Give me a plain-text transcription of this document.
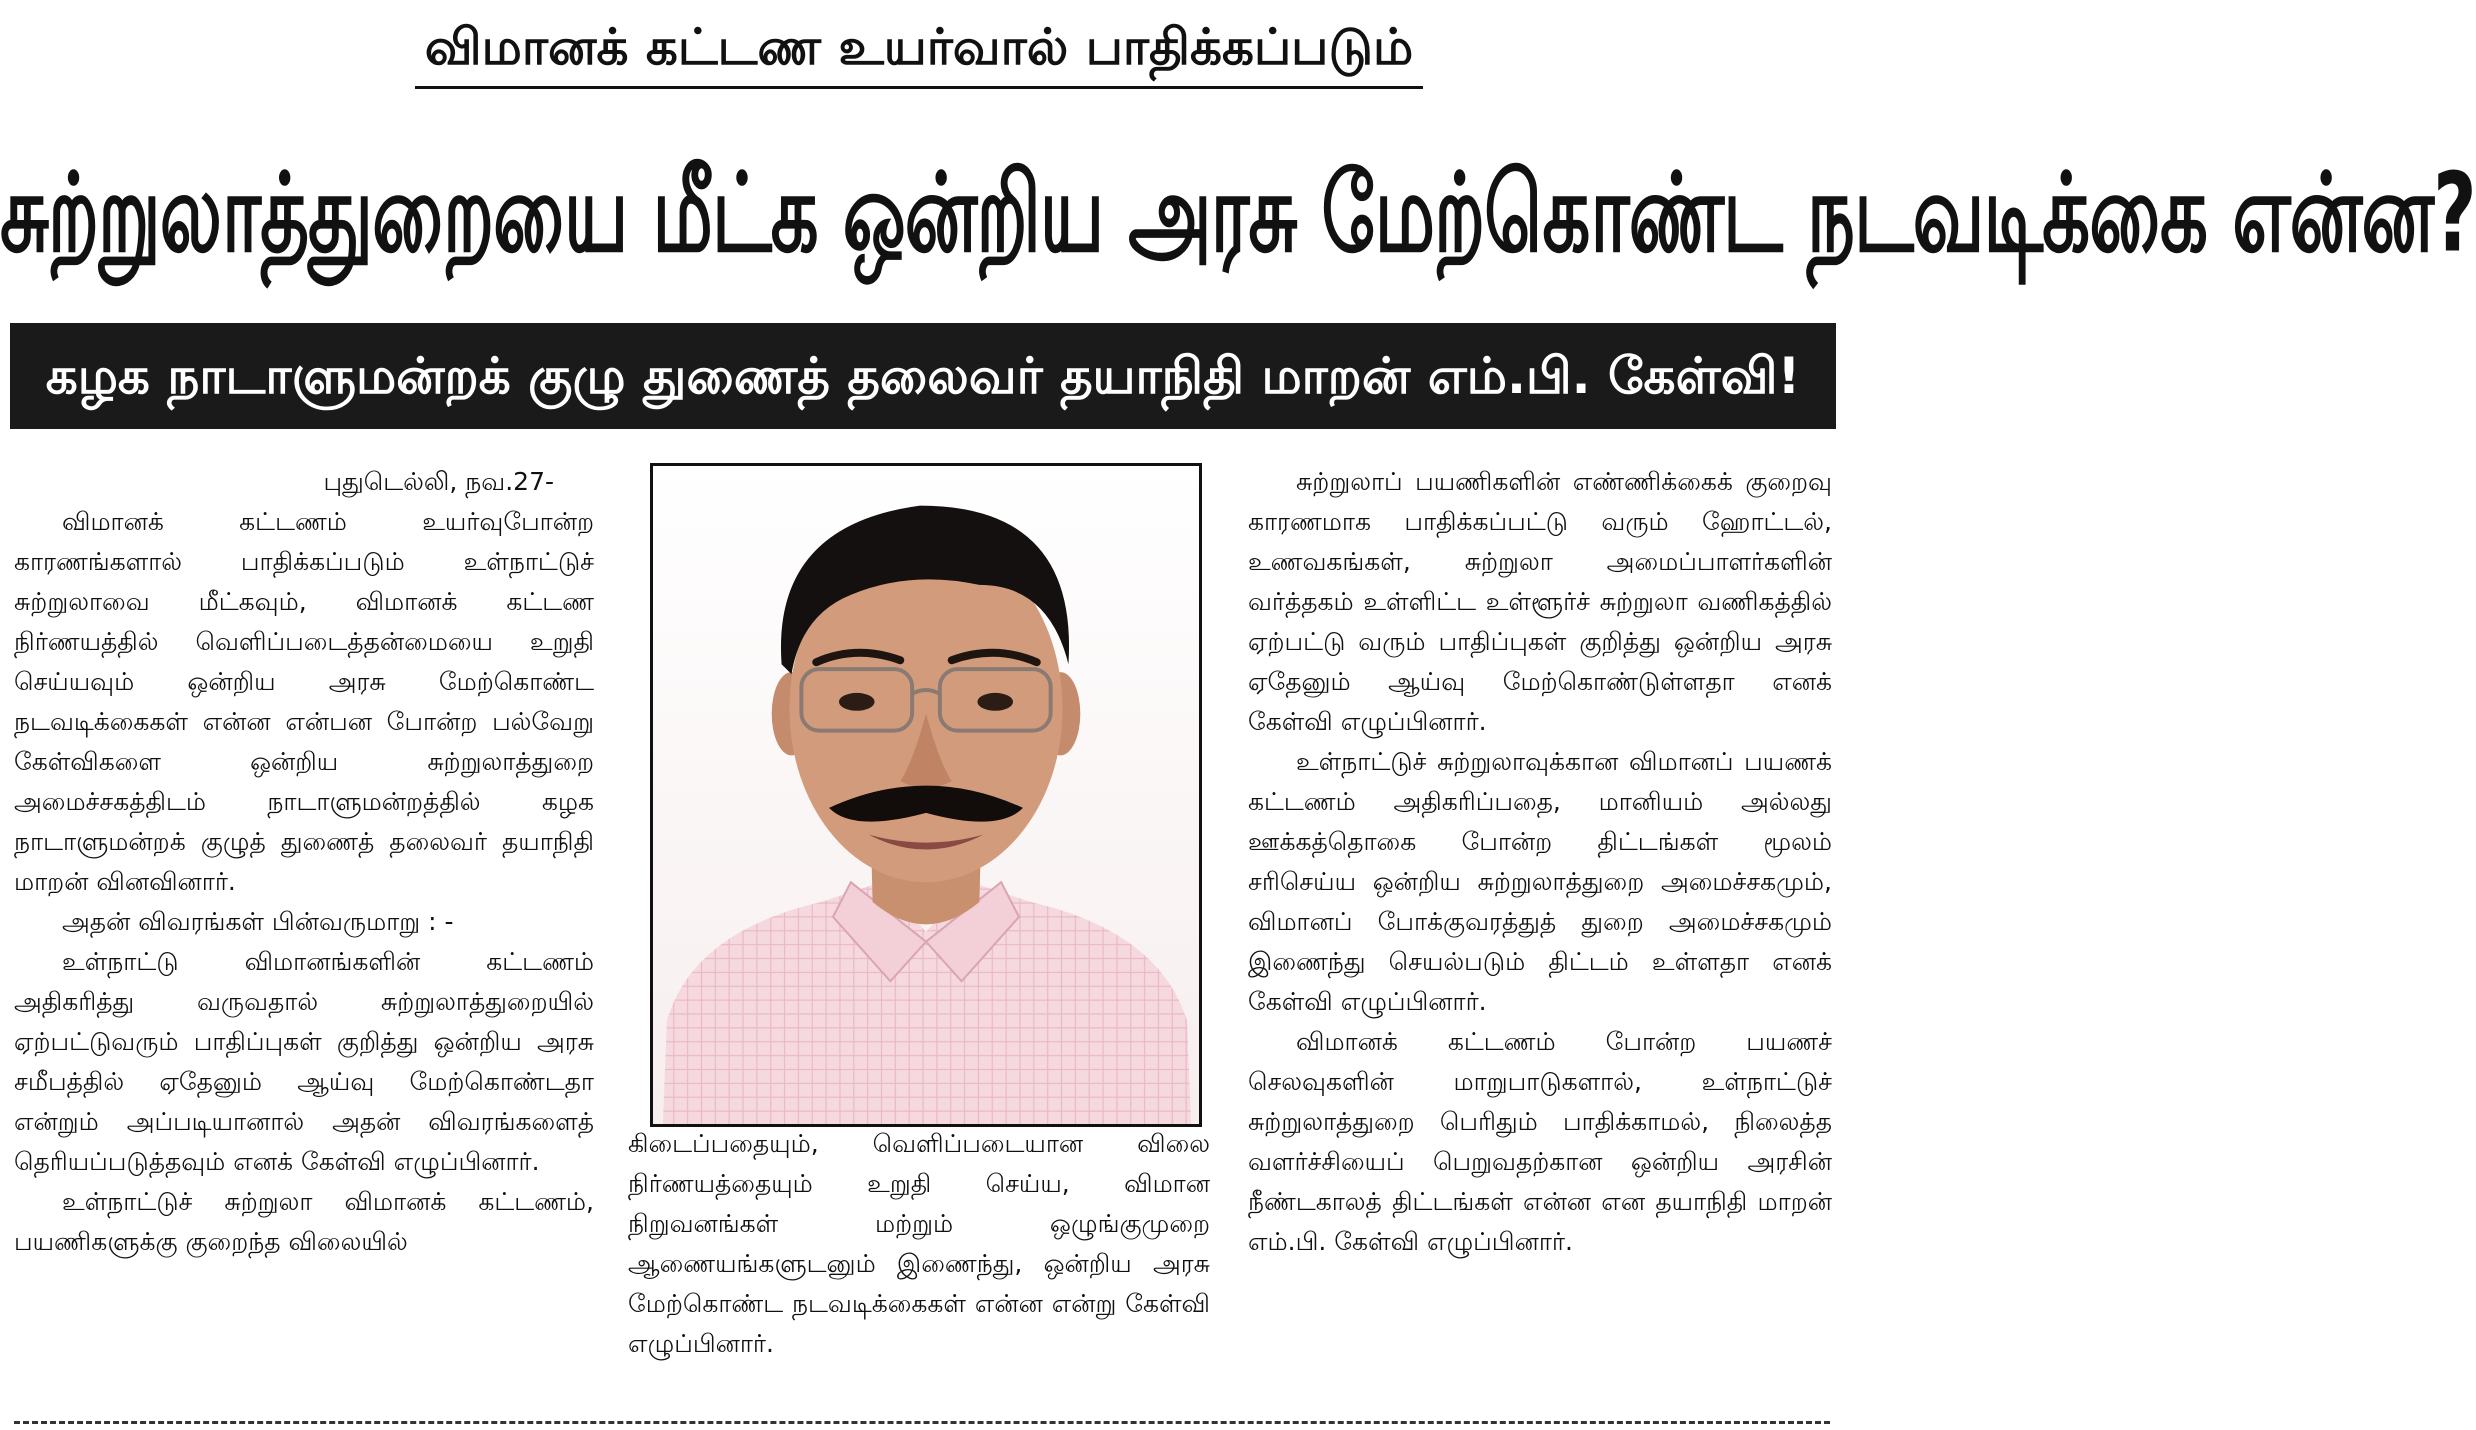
விமானக் கட்டண உயர்வால் பாதிக்கப்படும்
சுற்றுலாத்துறையை மீட்க ஒன்றிய அரசு மேற்கொண்ட நடவடிக்கை என்ன?
கழக நாடாளுமன்றக் குழு துணைத் தலைவர் தயாநிதி மாறன் எம்.பி. கேள்வி!

புதுடெல்லி, நவ.27-

விமானக் கட்டணம் உயர்வுபோன்ற காரணங்களால் பாதிக்கப்படும் உள்நாட்டுச் சுற்றுலாவை மீட்கவும், விமானக் கட்டண நிர்ணயத்தில் வெளிப்படைத்தன்மையை உறுதி செய்யவும் ஒன்றிய அரசு மேற்கொண்ட நடவடிக்கைகள் என்ன என்பன போன்ற பல்வேறு கேள்விகளை ஒன்றிய சுற்றுலாத்துறை அமைச்சகத்திடம் நாடாளுமன்றத்தில் கழக நாடாளுமன்றக் குழுத் துணைத் தலைவர் தயாநிதி மாறன் வினவினார்.

அதன் விவரங்கள் பின்வருமாறு : -

உள்நாட்டு விமானங்களின் கட்டணம் அதிகரித்து வருவதால் சுற்றுலாத்துறையில் ஏற்பட்டுவரும் பாதிப்புகள் குறித்து ஒன்றிய அரசு சமீபத்தில் ஏதேனும் ஆய்வு மேற்கொண்டதா என்றும் அப்படியானால் அதன் விவரங்களைத் தெரியப்படுத்தவும் எனக் கேள்வி எழுப்பினார்.

உள்நாட்டுச் சுற்றுலா விமானக் கட்டணம், பயணிகளுக்கு குறைந்த விலையில்

கிடைப்பதையும், வெளிப்படையான விலை நிர்ணயத்தையும் உறுதி செய்ய, விமான நிறுவனங்கள் மற்றும் ஒழுங்குமுறை ஆணையங்களுடனும் இணைந்து, ஒன்றிய அரசு மேற்கொண்ட நடவடிக்கைகள் என்ன என்று கேள்வி எழுப்பினார்.

சுற்றுலாப் பயணிகளின் எண்ணிக்கைக் குறைவு காரணமாக பாதிக்கப்பட்டு வரும் ஹோட்டல், உணவகங்கள், சுற்றுலா அமைப்பாளர்களின் வர்த்தகம் உள்ளிட்ட உள்ளூர்ச் சுற்றுலா வணிகத்தில் ஏற்பட்டு வரும் பாதிப்புகள் குறித்து ஒன்றிய அரசு ஏதேனும் ஆய்வு மேற்கொண்டுள்ளதா எனக் கேள்வி எழுப்பினார்.

உள்நாட்டுச் சுற்றுலாவுக்கான விமானப் பயணக் கட்டணம் அதிகரிப்பதை, மானியம் அல்லது ஊக்கத்தொகை போன்ற திட்டங்கள் மூலம் சரிசெய்ய ஒன்றிய சுற்றுலாத்துறை அமைச்சகமும், விமானப் போக்குவரத்துத் துறை அமைச்சகமும் இணைந்து செயல்படும் திட்டம் உள்ளதா எனக் கேள்வி எழுப்பினார்.

விமானக் கட்டணம் போன்ற பயணச் செலவுகளின் மாறுபாடுகளால், உள்நாட்டுச் சுற்றுலாத்துறை பெரிதும் பாதிக்காமல், நிலைத்த வளர்ச்சியைப் பெறுவதற்கான ஒன்றிய அரசின் நீண்டகாலத் திட்டங்கள் என்ன என தயாநிதி மாறன் எம்.பி. கேள்வி எழுப்பினார்.
